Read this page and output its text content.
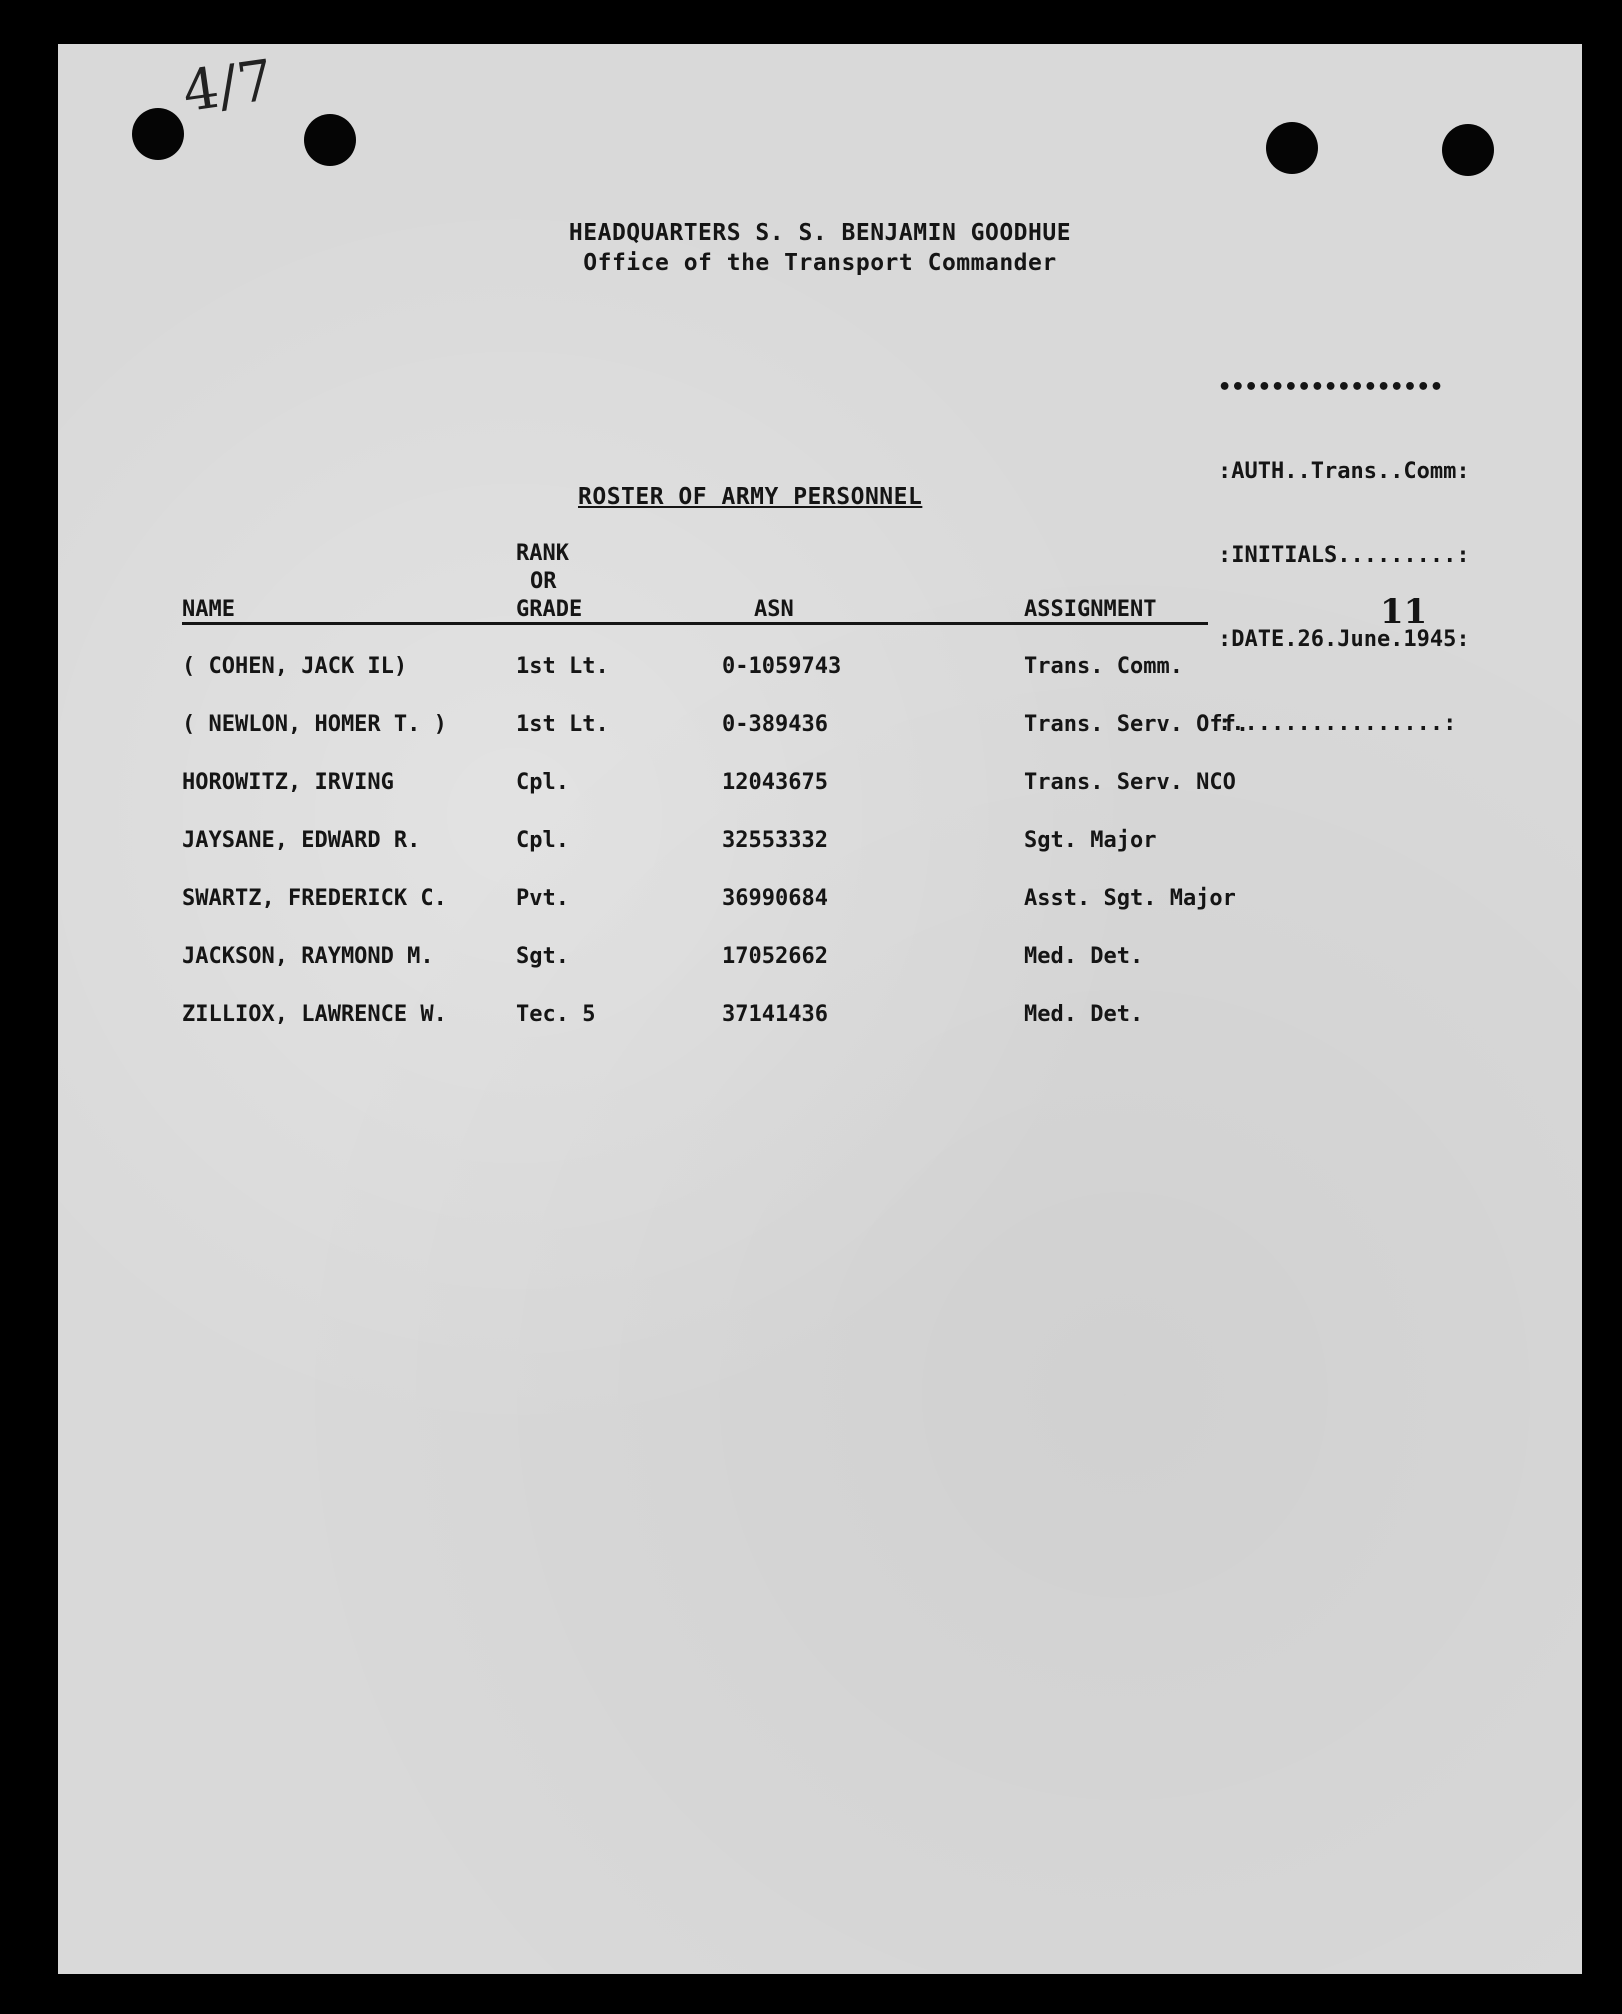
4/7
HEADQUARTERS S. S. BENJAMIN GOODHUE
Office of the Transport Commander

•••••••••••••••••

:AUTH..Trans..Comm:

:INITIALS.........:

:DATE.26.June.1945:

:................:

ROSTER OF ARMY PERSONNEL
NAME
RANK
OR
GRADE	ASN	ASSIGNMENT	11
( COHEN, JACK IL)	1st Lt.	0-1059743	Trans. Comm.
( NEWLON, HOMER T. )	1st Lt.	0-389436	Trans. Serv. Off.
HOROWITZ, IRVING	Cpl.	12043675	Trans. Serv. NCO
JAYSANE, EDWARD R.	Cpl.	32553332	Sgt. Major
SWARTZ, FREDERICK C.	Pvt.	36990684	Asst. Sgt. Major
JACKSON, RAYMOND M.	Sgt.	17052662	Med. Det.
ZILLIOX, LAWRENCE W.	Tec. 5	37141436	Med. Det.
